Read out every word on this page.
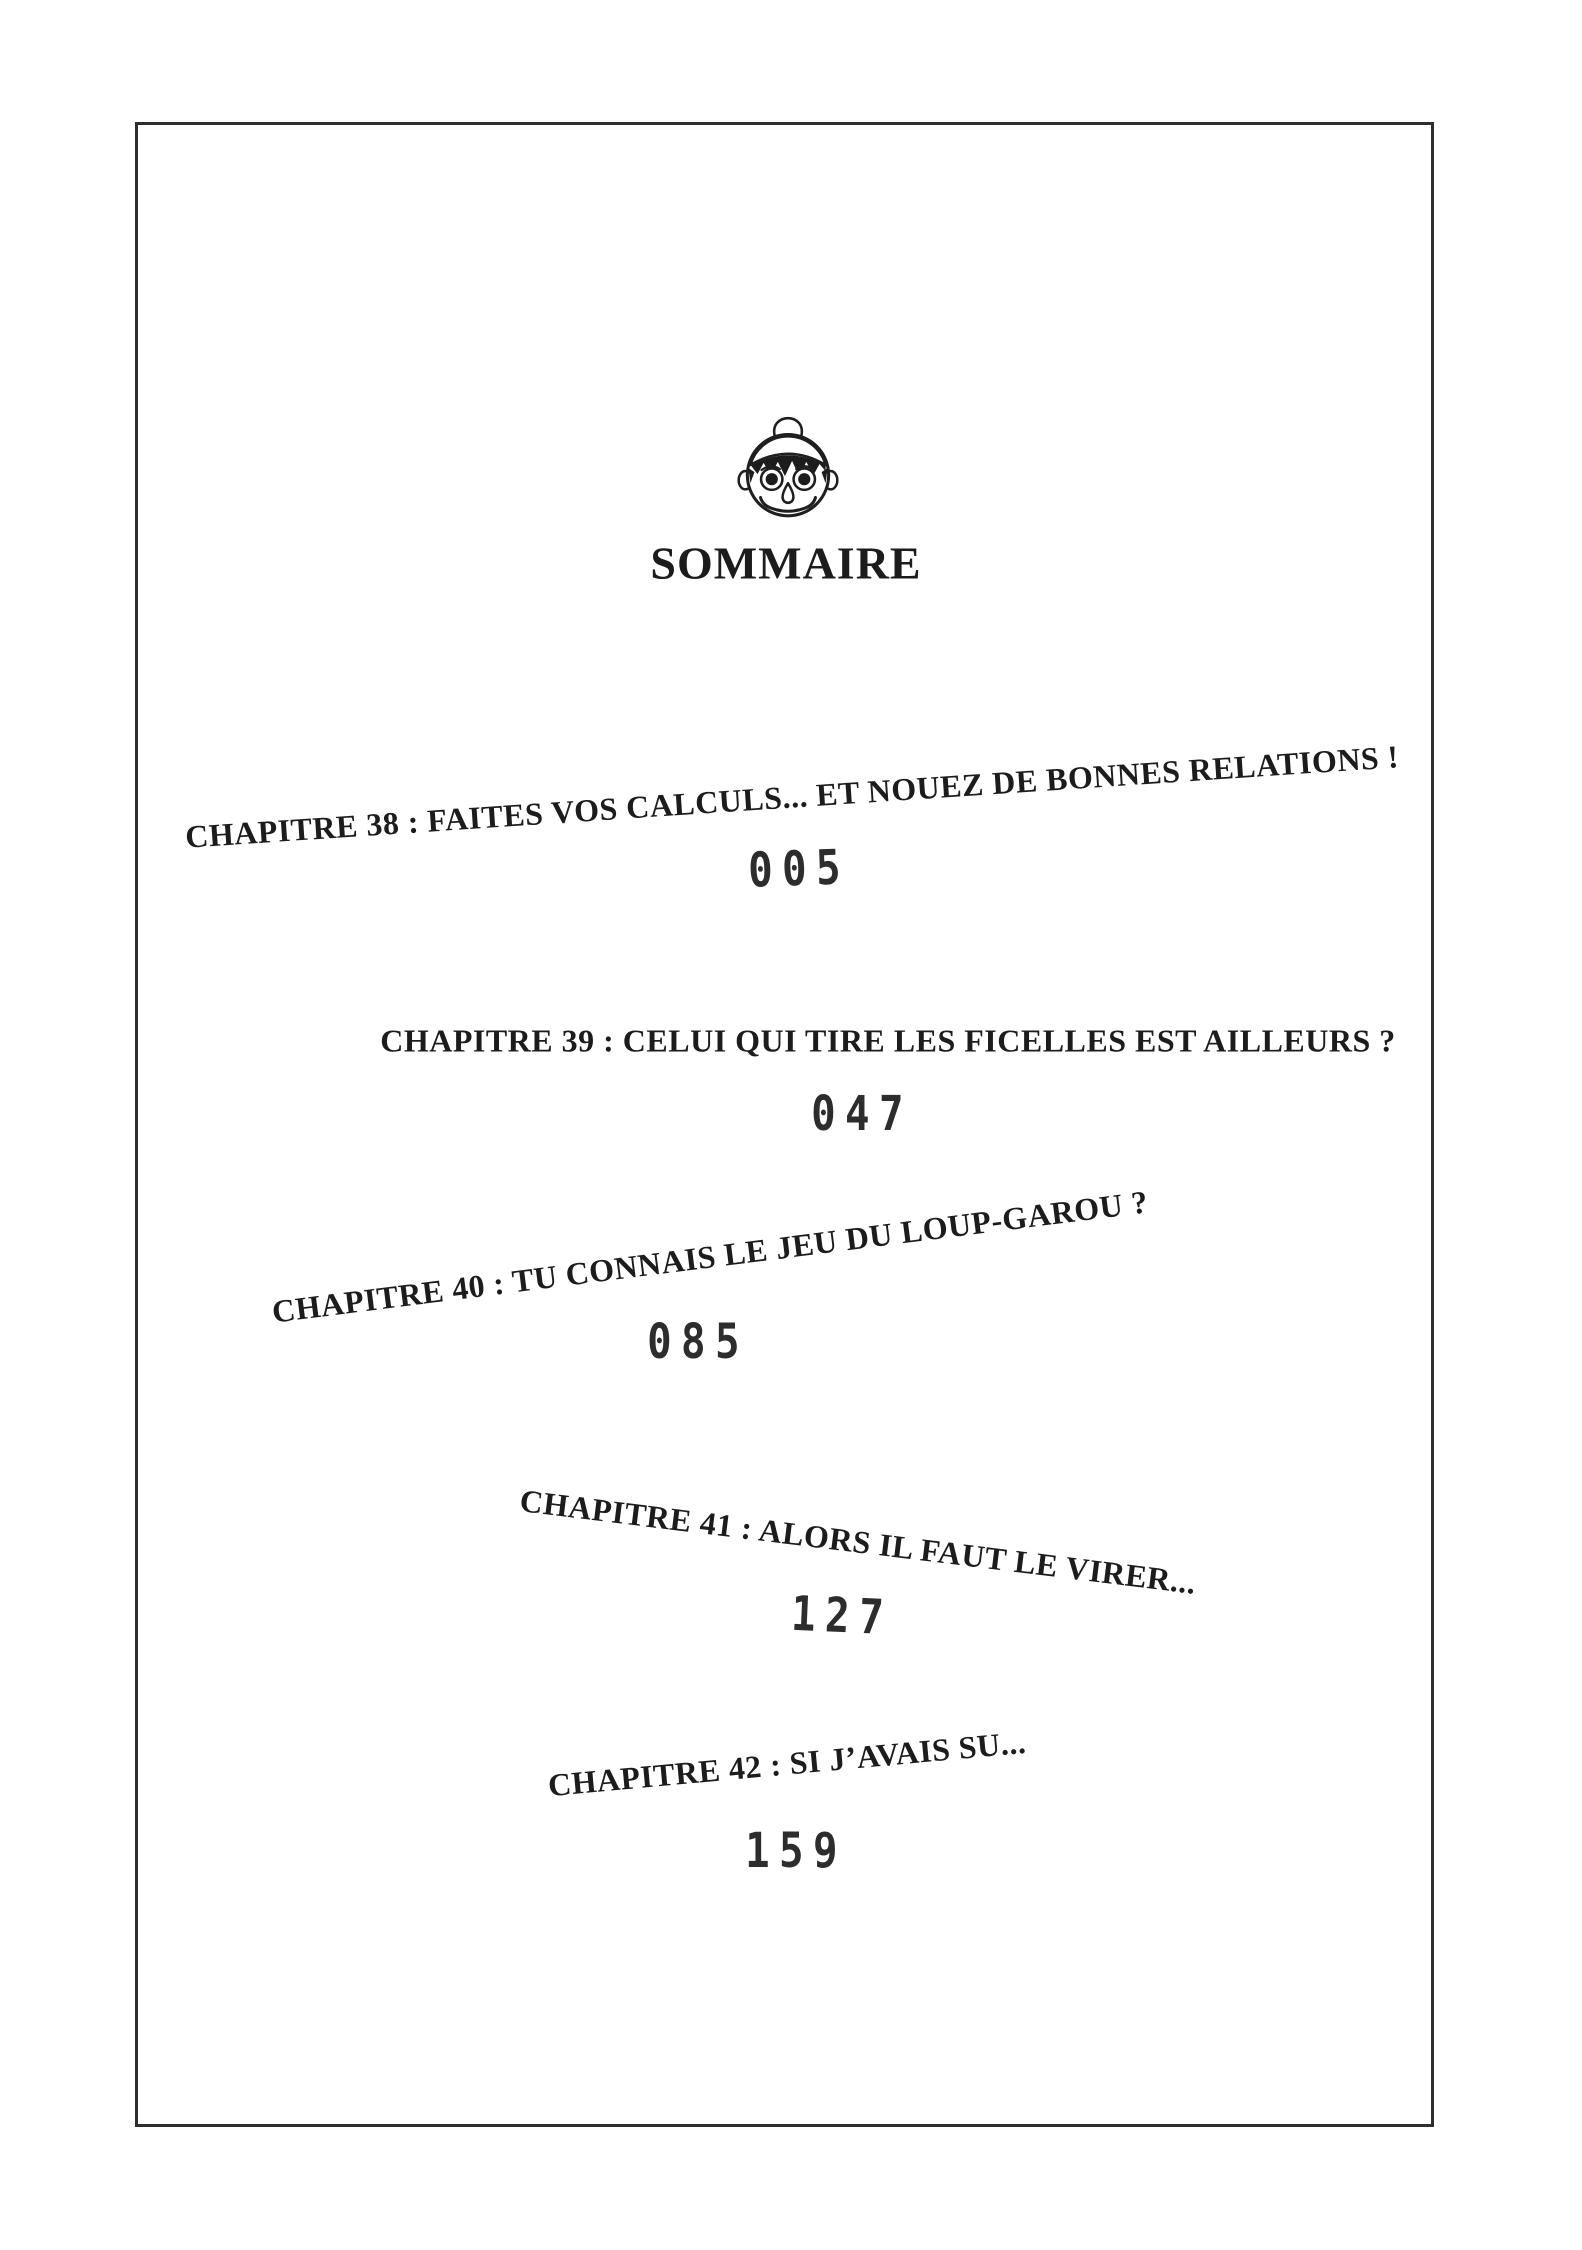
SOMMAIRE
CHAPITRE 38 : FAITES VOS CALCULS... ET NOUEZ DE BONNES RELATIONS !
005
CHAPITRE 39 : CELUI QUI TIRE LES FICELLES EST AILLEURS ?
047
CHAPITRE 40 : TU CONNAIS LE JEU DU LOUP-GAROU ?
085
CHAPITRE 41 : ALORS IL FAUT LE VIRER...
127
CHAPITRE 42 : SI J’AVAIS SU...
159
